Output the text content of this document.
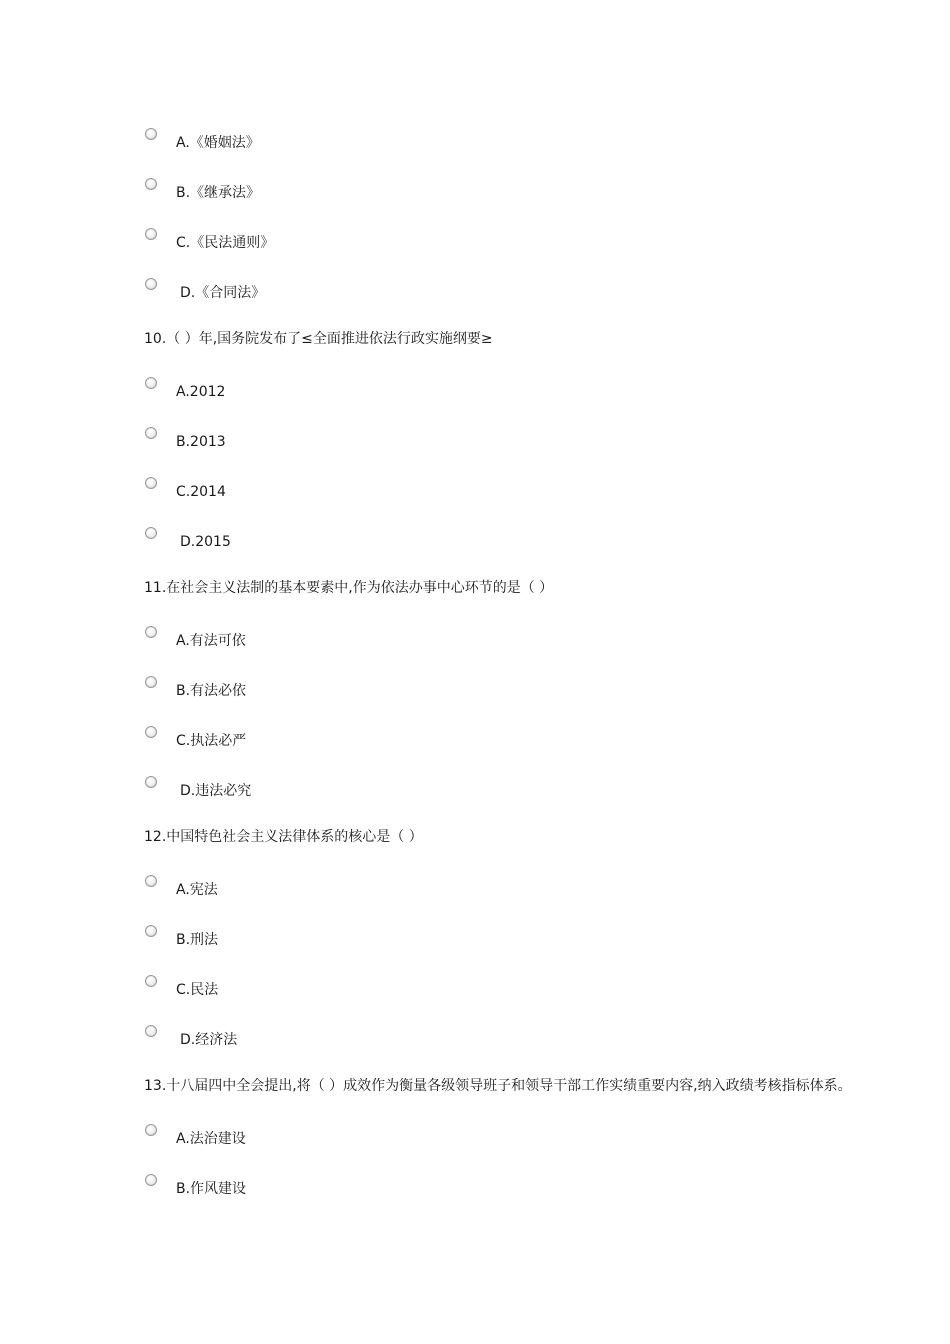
A.《婚姻法》
B.《继承法》
C.《民法通则》
D.《合同法》
10.（ ）年,国务院发布了≤全面推进依法行政实施纲要≥
A.2012
B.2013
C.2014
D.2015
11.在社会主义法制的基本要素中,作为依法办事中心环节的是（ ）
A.有法可依
B.有法必依
C.执法必严
D.违法必究
12.中国特色社会主义法律体系的核心是（ ）
A.宪法
B.刑法
C.民法
D.经济法
13.十八届四中全会提出,将（ ）成效作为衡量各级领导班子和领导干部工作实绩重要内容,纳入政绩考核指标体系。
A.法治建设
B.作风建设
